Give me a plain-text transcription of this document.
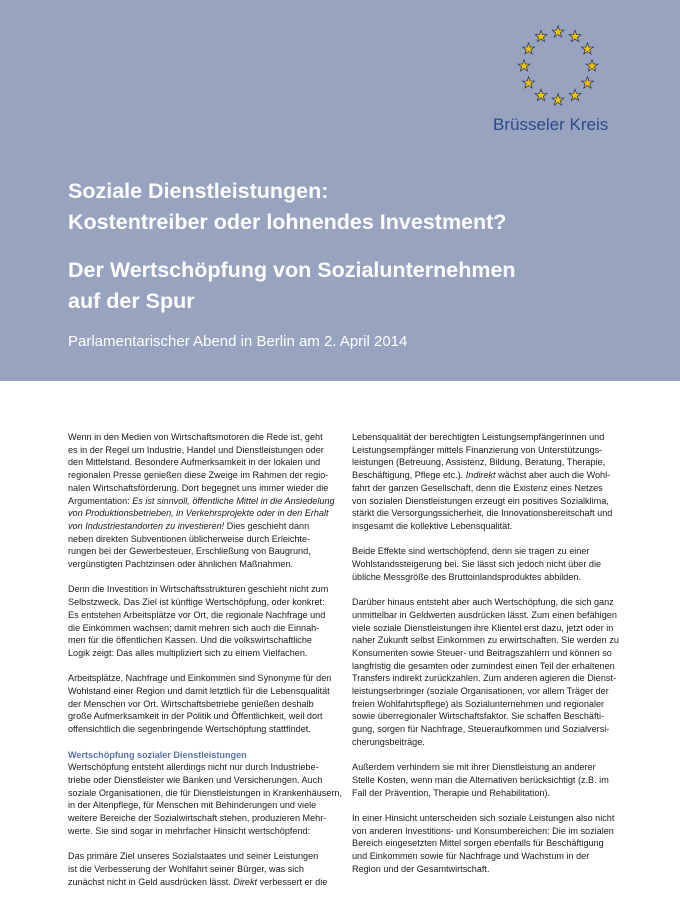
Brüsseler Kreis
Soziale Dienstleistungen:
Kostentreiber oder lohnendes Investment?
Der Wertschöpfung von Sozialunternehmen
auf der Spur
Parlamentarischer Abend in Berlin am 2. April 2014

Wenn in den Medien von Wirtschaftsmotoren die Rede ist, geht
es in der Regel um Industrie, Handel und Dienstleistungen oder
den Mittelstand. Besondere Aufmerksamkeit in der lokalen und
regionalen Presse genießen diese Zweige im Rahmen der regio-
nalen Wirtschaftsförderung. Dort begegnet uns immer wieder die
Argumentation: Es ist sinnvoll, öffentliche Mittel in die Ansiedelung
von Produktionsbetrieben, in Verkehrsprojekte oder in den Erhalt
von Industriestandorten zu investieren! Dies geschieht dann
neben direkten Subventionen üblicherweise durch Erleichte-
rungen bei der Gewerbesteuer, Erschließung von Baugrund,
vergünstigten Pachtzinsen oder ähnlichen Maßnahmen.

Denn die Investition in Wirtschaftsstrukturen geschieht nicht zum
Selbstzweck. Das Ziel ist künftige Wertschöpfung, oder konkret:
Es entstehen Arbeitsplätze vor Ort, die regionale Nachfrage und
die Einkommen wachsen; damit mehren sich auch die Einnah-
men für die öffentlichen Kassen. Und die volkswirtschaftliche
Logik zeigt: Das alles multipliziert sich zu einem Vielfachen.

Arbeitsplätze, Nachfrage und Einkommen sind Synonyme für den
Wohlstand einer Region und damit letztlich für die Lebensqualität
der Menschen vor Ort. Wirtschaftsbetriebe genießen deshalb
große Aufmerksamkeit in der Politik und Öffentlichkeit, weil dort
offensichtlich die segenbringende Wertschöpfung stattfindet.

Wertschöpfung sozialer Dienstleistungen

Wertschöpfung entsteht allerdings nicht nur durch Industriebe-
triebe oder Dienstleister wie Banken und Versicherungen. Auch
soziale Organisationen, die für Dienstleistungen in Krankenhäusern,
in der Altenpflege, für Menschen mit Behinderungen und viele
weitere Bereiche der Sozialwirtschaft stehen, produzieren Mehr-
werte. Sie sind sogar in mehrfacher Hinsicht wertschöpfend:

Das primäre Ziel unseres Sozialstaates und seiner Leistungen
ist die Verbesserung der Wohlfahrt seiner Bürger, was sich
zunächst nicht in Geld ausdrücken lässt. Direkt verbessert er die

Lebensqualität der berechtigten Leistungsempfängerinnen und
Leistungsempfänger mittels Finanzierung von Unterstützungs-
leistungen (Betreuung, Assistenz, Bildung, Beratung, Therapie,
Beschäftigung, Pflege etc.). Indirekt wächst aber auch die Wohl-
fahrt der ganzen Gesellschaft, denn die Existenz eines Netzes
von sozialen Dienstleistungen erzeugt ein positives Sozialklima,
stärkt die Versorgungssicherheit, die Innovationsbereitschaft und
insgesamt die kollektive Lebensqualität.

Beide Effekte sind wertschöpfend, denn sie tragen zu einer
Wohlstandssteigerung bei. Sie lässt sich jedoch nicht über die
übliche Messgröße des Bruttoinlandsproduktes abbilden.

Darüber hinaus entsteht aber auch Wertschöpfung, die sich ganz
unmittelbar in Geldwerten ausdrücken lässt. Zum einen befähigen
viele soziale Dienstleistungen ihre Klientel erst dazu, jetzt oder in
naher Zukunft selbst Einkommen zu erwirtschaften. Sie werden zu
Konsumenten sowie Steuer- und Beitragszahlern und können so
langfristig die gesamten oder zumindest einen Teil der erhaltenen
Transfers indirekt zurückzahlen. Zum anderen agieren die Dienst-
leistungserbringer (soziale Organisationen, vor allem Träger der
freien Wohlfahrtspflege) als Sozialunternehmen und regionaler
sowie überregionaler Wirtschaftsfaktor. Sie schaffen Beschäfti-
gung, sorgen für Nachfrage, Steueraufkommen und Sozialversi-
cherungsbeiträge.

Außerdem verhindern sie mit ihrer Dienstleistung an anderer
Stelle Kosten, wenn man die Alternativen berücksichtigt (z.B. im
Fall der Prävention, Therapie und Rehabilitation).

In einer Hinsicht unterscheiden sich soziale Leistungen also nicht
von anderen Investitions- und Konsumbereichen: Die im sozialen
Bereich eingesetzten Mittel sorgen ebenfalls für Beschäftigung
und Einkommen sowie für Nachfrage und Wachstum in der
Region und der Gesamtwirtschaft.
